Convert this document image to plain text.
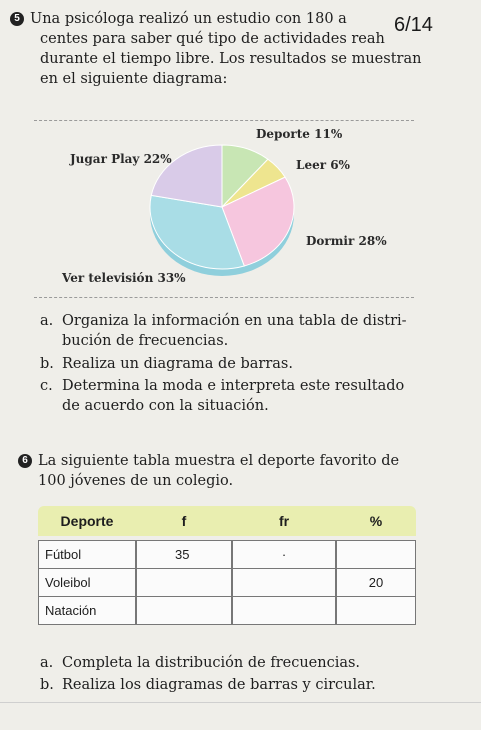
5 Una psicóloga realizó un estudio con 180 a
centes para saber qué tipo de actividades reah
durante el tiempo libre. Los resultados se muestran
en el siguiente diagrama:
6/14
Deporte 11%
Leer 6%
Dormir 28%
Ver televisión 33%
Jugar Play 22%
a. Organiza la información en una tabla de distri-
bución de frecuencias.
b. Realiza un diagrama de barras.
c. Determina la moda e interpreta este resultado
de acuerdo con la situación.
6 La siguiente tabla muestra el deporte favorito de
100 jóvenes de un colegio.
Deporte	f	fr	%

Fútbol	35	·	
Voleibol			20
Natación			
a. Completa la distribución de frecuencias.
b. Realiza los diagramas de barras y circular.
